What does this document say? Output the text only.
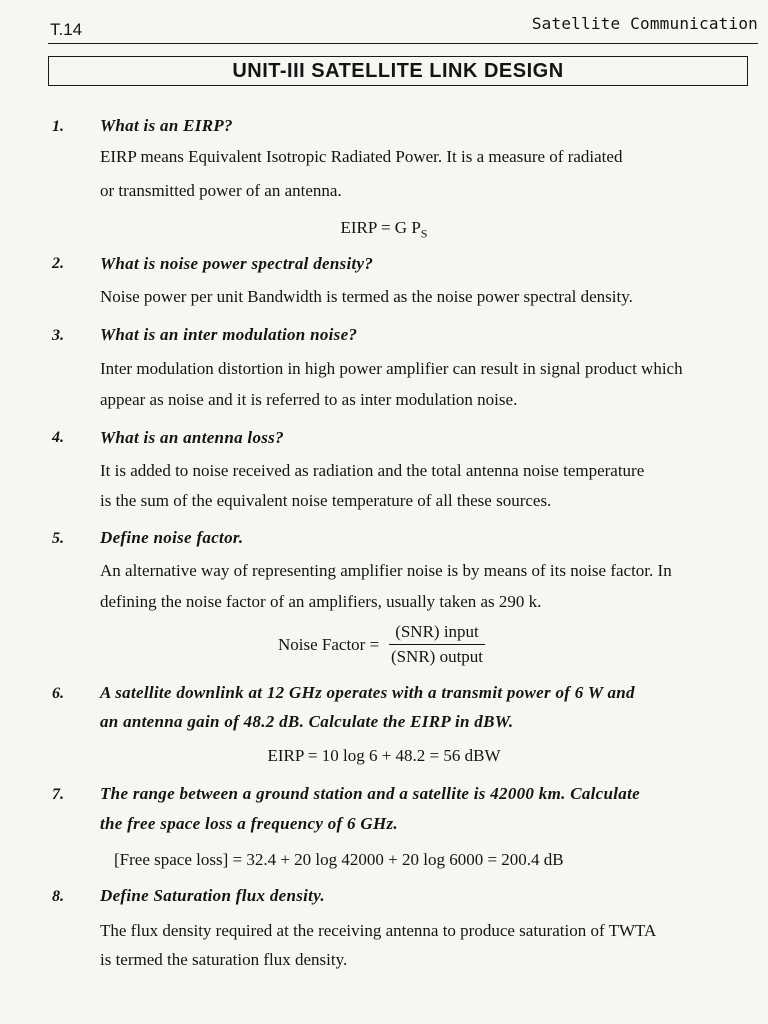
T.14	Satellite Communication
UNIT-III SATELLITE LINK DESIGN
1. What is an EIRP?
EIRP means Equivalent Isotropic Radiated Power. It is a measure of radiated
or transmitted power of an antenna.
EIRP = G $P_S$
2. What is noise power spectral density?
Noise power per unit Bandwidth is termed as the noise power spectral density.
3. What is an inter modulation noise?
Inter modulation distortion in high power amplifier can result in signal product which
appear as noise and it is referred to as inter modulation noise.
4. What is an antenna loss?
It is added to noise received as radiation and the total antenna noise temperature
is the sum of the equivalent noise temperature of all these sources.
5. Define noise factor.
An alternative way of representing amplifier noise is by means of its noise factor. In
defining the noise factor of an amplifiers, usually taken as 290 k.
Noise Factor = $\frac{\text{(SNR) input}}{\text{(SNR) output}}$
6. A satellite downlink at 12 GHz operates with a transmit power of 6 W and
an antenna gain of 48.2 dB. Calculate the EIRP in dBW.
EIRP = 10 log 6 + 48.2 = 56 dBW
7. The range between a ground station and a satellite is 42000 km. Calculate
the free space loss a frequency of 6 GHz.
[Free space loss] = 32.4 + 20 log 42000 + 20 log 6000 = 200.4 dB
8. Define Saturation flux density.
The flux density required at the receiving antenna to produce saturation of TWTA
is termed the saturation flux density.
